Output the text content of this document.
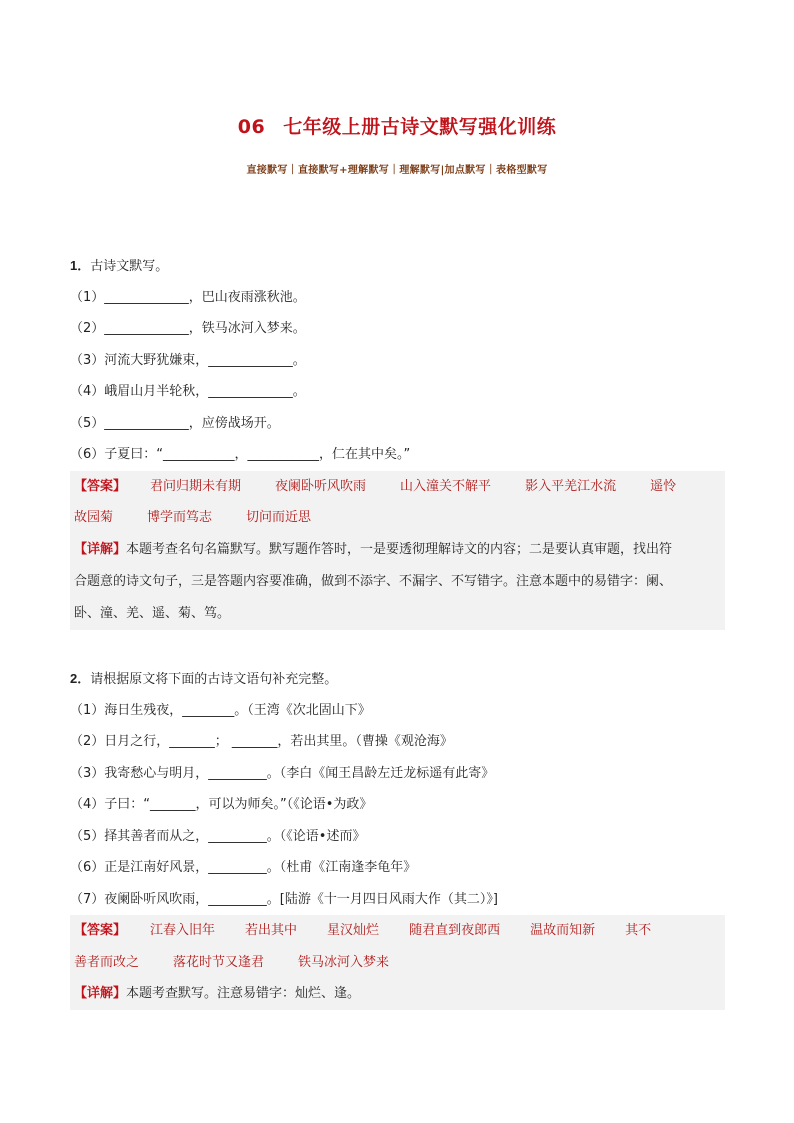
06 七年级上册古诗文默写强化训练
直接默写｜直接默写+理解默写｜理解默写|加点默写｜表格型默写
1．古诗文默写。
（1）_____________，巴山夜雨涨秋池。
（2）_____________，铁马冰河入梦来。
（3）河流大野犹嫌束，_____________。
（4）峨眉山月半轮秋，_____________。
（5）_____________，应傍战场开。
（6）子夏曰：“___________，___________，仁在其中矣。”
【答案】 君问归期未有期	夜阑卧听风吹雨	山入潼关不解平	影入平羌江水流	遥怜
故园菊	博学而笃志	切问而近思
【详解】本题考查名句名篇默写。默写题作答时，一是要透彻理解诗文的内容；二是要认真审题，找出符
合题意的诗文句子，三是答题内容要准确，做到不添字、不漏字、不写错字。注意本题中的易错字：阑、
卧、潼、羌、遥、菊、笃。
2．请根据原文将下面的古诗文语句补充完整。
（1）海日生残夜，________。（王湾《次北固山下》
（2）日月之行，_______； _______，若出其里。（曹操《观沧海》
（3）我寄愁心与明月，_________。（李白《闻王昌龄左迁龙标遥有此寄》
（4）子曰：“_______，可以为师矣。”（《论语•为政》
（5）择其善者而从之，_________。（《论语•述而》
（6）正是江南好风景，_________。（杜甫《江南逢李龟年》
（7）夜阑卧听风吹雨，_________。[陆游《十一月四日风雨大作（其二）》]
【答案】 江春入旧年 若出其中 星汉灿烂 随君直到夜郎西 温故而知新 其不
善者而改之	落花时节又逢君	铁马冰河入梦来
【详解】本题考查默写。注意易错字：灿烂、逢。
